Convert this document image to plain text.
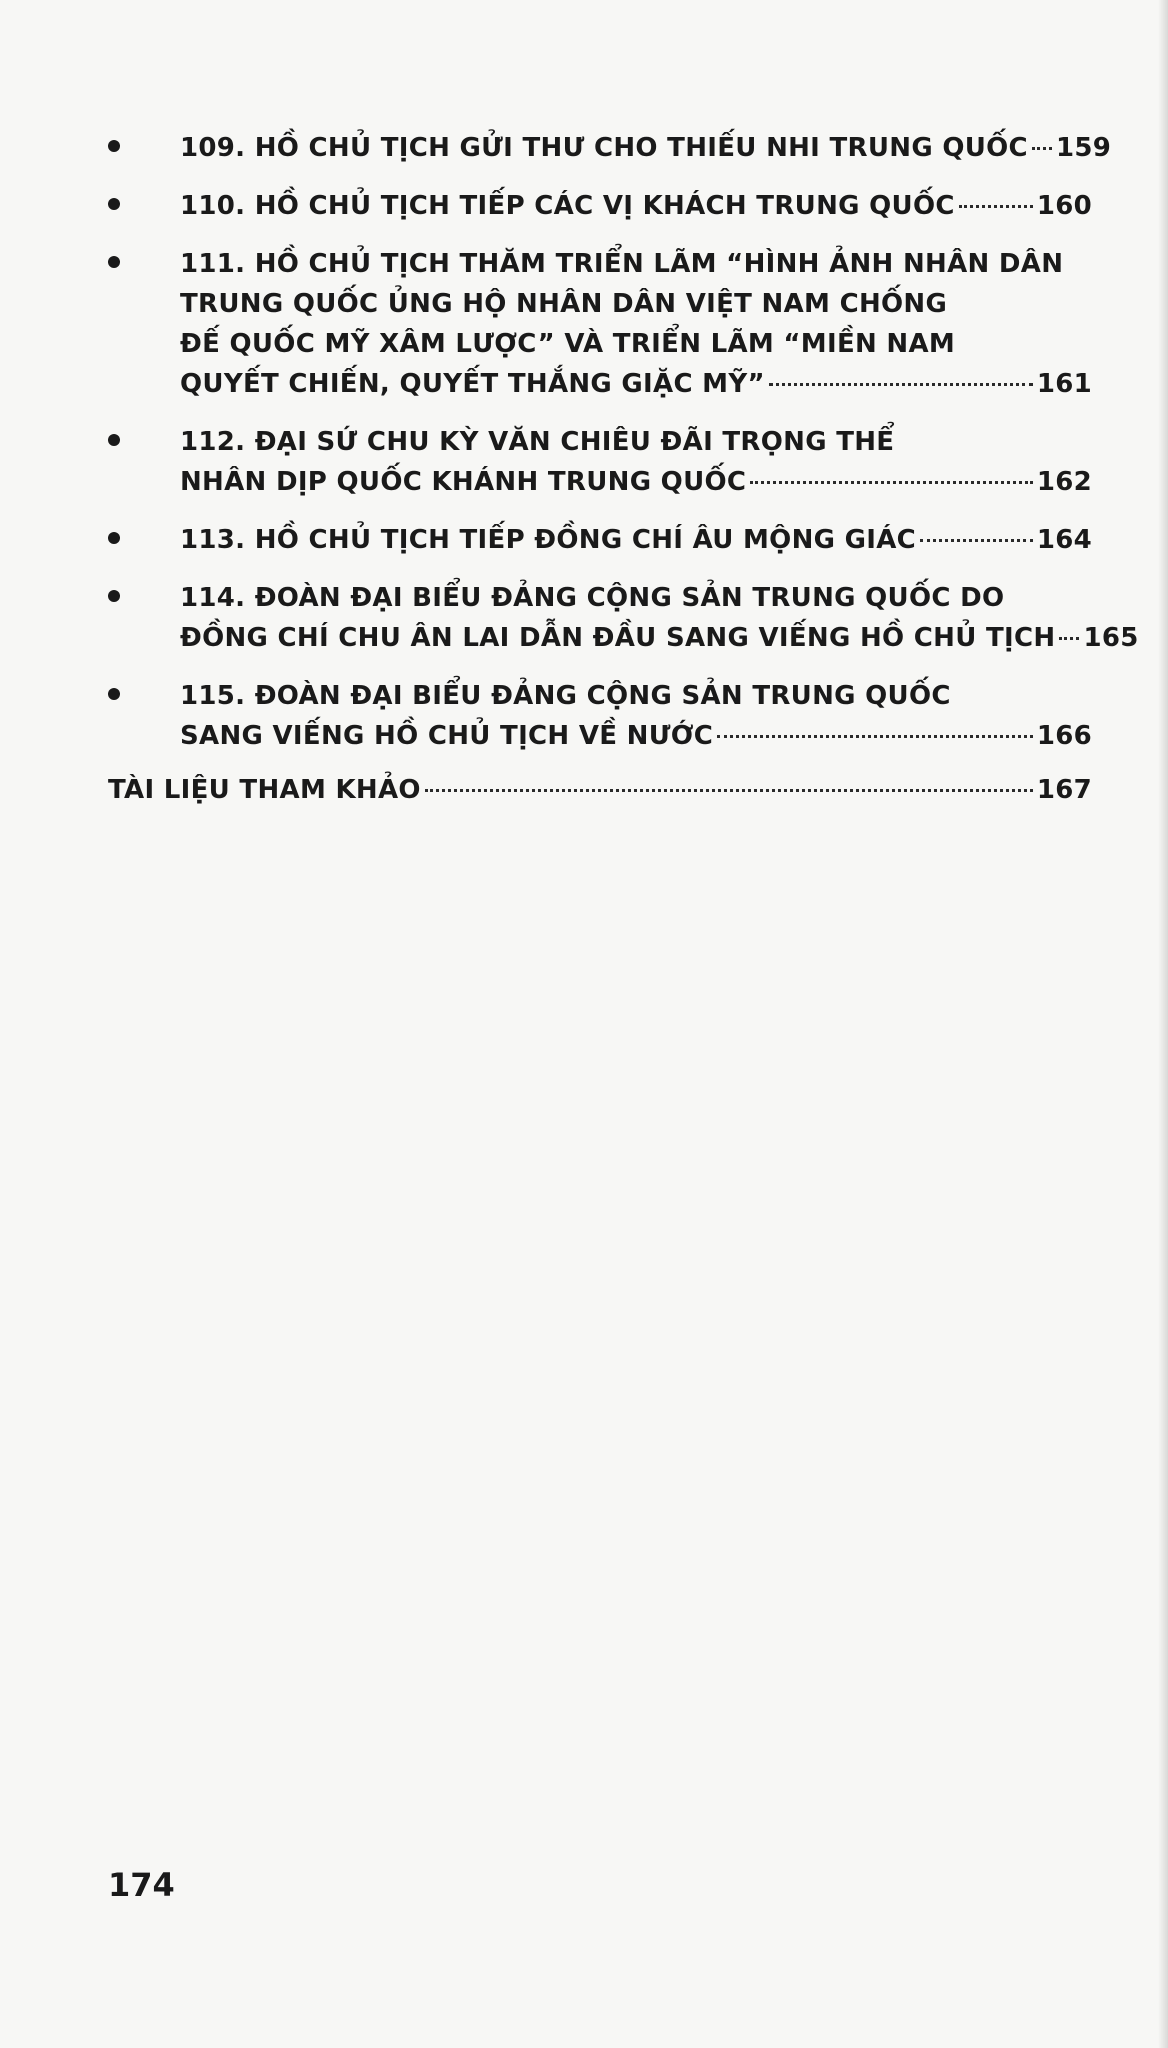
109. HỒ CHỦ TỊCH GỬI THƯ CHO THIẾU NHI TRUNG QUỐC 159
110. HỒ CHỦ TỊCH TIẾP CÁC VỊ KHÁCH TRUNG QUỐC	160
111. HỒ CHỦ TỊCH THĂM TRIỂN LÃM “HÌNH ẢNH NHÂN DÂN
TRUNG QUỐC ỦNG HỘ NHÂN DÂN VIỆT NAM CHỐNG
ĐẾ QUỐC MỸ XÂM LƯỢC” VÀ TRIỂN LÃM “MIỀN NAM
QUYẾT CHIẾN, QUYẾT THẮNG GIẶC MỸ”	161
112. ĐẠI SỨ CHU KỲ VĂN CHIÊU ĐÃI TRỌNG THỂ
NHÂN DỊP QUỐC KHÁNH TRUNG QUỐC	162
113. HỒ CHỦ TỊCH TIẾP ĐỒNG CHÍ ÂU MỘNG GIÁC	164
114. ĐOÀN ĐẠI BIỂU ĐẢNG CỘNG SẢN TRUNG QUỐC DO
ĐỒNG CHÍ CHU ÂN LAI DẪN ĐẦU SANG VIẾNG HỒ CHỦ TỊCH 165
115. ĐOÀN ĐẠI BIỂU ĐẢNG CỘNG SẢN TRUNG QUỐC
SANG VIẾNG HỒ CHỦ TỊCH VỀ NƯỚC	166
TÀI LIỆU THAM KHẢO	167
174
